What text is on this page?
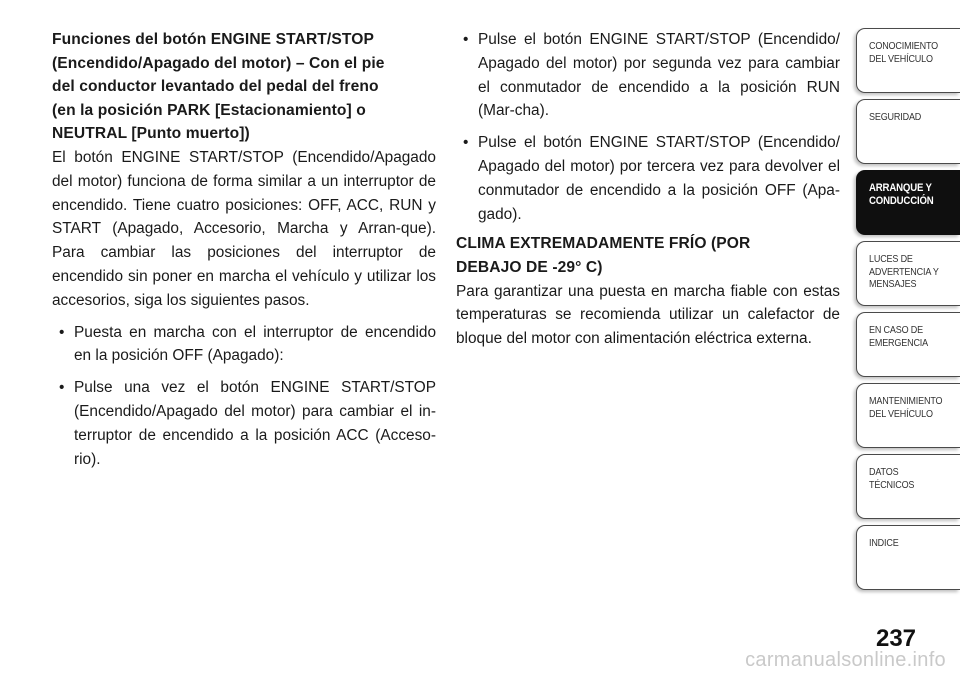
Funciones del botón ENGINE START/STOP
(Encendido/Apagado del motor) – Con el pie
del conductor levantado del pedal del freno
(en la posición PARK [Estacionamiento] o
NEUTRAL [Punto muerto])

El botón ENGINE START/STOP (Encendido/Apagado del motor) funciona de forma similar a un interruptor de encendido. Tiene cuatro posiciones: OFF, ACC, RUN y START (Apagado, Accesorio, Marcha y Arran-que). Para cambiar las posiciones del interruptor de encendido sin poner en marcha el vehículo y utilizar los accesorios, siga los siguientes pasos.

• Puesta en marcha con el interruptor de encendido en la posición OFF (Apagado):
• Pulse una vez el botón ENGINE START/STOP (Encendido/Apagado del motor) para cambiar el in-terruptor de encendido a la posición ACC (Acceso-rio).
• Pulse el botón ENGINE START/STOP (Encendido/ Apagado del motor) por segunda vez para cambiar el conmutador de encendido a la posición RUN (Mar-cha).
• Pulse el botón ENGINE START/STOP (Encendido/ Apagado del motor) por tercera vez para devolver el conmutador de encendido a la posición OFF (Apa-gado).
CLIMA EXTREMADAMENTE FRÍO (POR
DEBAJO DE -29° C)

Para garantizar una puesta en marcha fiable con estas temperaturas se recomienda utilizar un calefactor de bloque del motor con alimentación eléctrica externa.

CONOCIMIENTO
DEL VEHÍCULO
SEGURIDAD
ARRANQUE Y
CONDUCCIÓN
LUCES DE
ADVERTENCIA Y
MENSAJES
EN CASO DE
EMERGENCIA
MANTENIMIENTO
DEL VEHÍCULO
DATOS
TÉCNICOS
INDICE
237
carmanualsonline.info
